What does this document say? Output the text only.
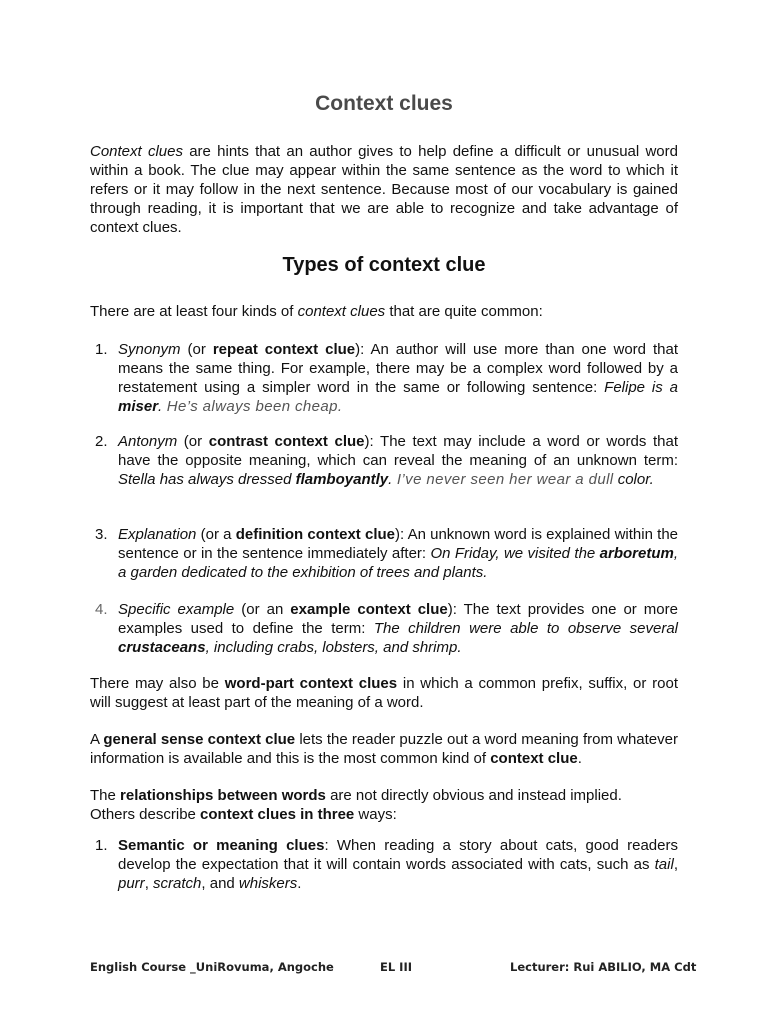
Context clues

Context clues are hints that an author gives to help define a difficult or unusual word within a book. The clue may appear within the same sentence as the word to which it refers or it may follow in the next sentence. Because most of our vocabulary is gained through reading, it is important that we are able to recognize and take advantage of context clues.

Types of context clue

There are at least four kinds of context clues that are quite common:

1. Synonym (or repeat context clue): An author will use more than one word that means the same thing. For example, there may be a complex word followed by a restatement using a simpler word in the same or following sentence: Felipe is a miser. He’s always been cheap.
2. Antonym (or contrast context clue): The text may include a word or words that have the opposite meaning, which can reveal the meaning of an unknown term: Stella has always dressed flamboyantly. I’ve never seen her wear a dull color.
3. Explanation (or a definition context clue): An unknown word is explained within the sentence or in the sentence immediately after: On Friday, we visited the arboretum, a garden dedicated to the exhibition of trees and plants.
4. Specific example (or an example context clue): The text provides one or more examples used to define the term: The children were able to observe several crustaceans, including crabs, lobsters, and shrimp.

There may also be word-part context clues in which a common prefix, suffix, or root will suggest at least part of the meaning of a word.

A general sense context clue lets the reader puzzle out a word meaning from whatever information is available and this is the most common kind of context clue.

The relationships between words are not directly obvious and instead implied.
Others describe context clues in three ways:

1. Semantic or meaning clues: When reading a story about cats, good readers develop the expectation that it will contain words associated with cats, such as tail, purr, scratch, and whiskers.
English Course _UniRovuma, Angoche	EL III	Lecturer: Rui ABILIO, MA Cdt
